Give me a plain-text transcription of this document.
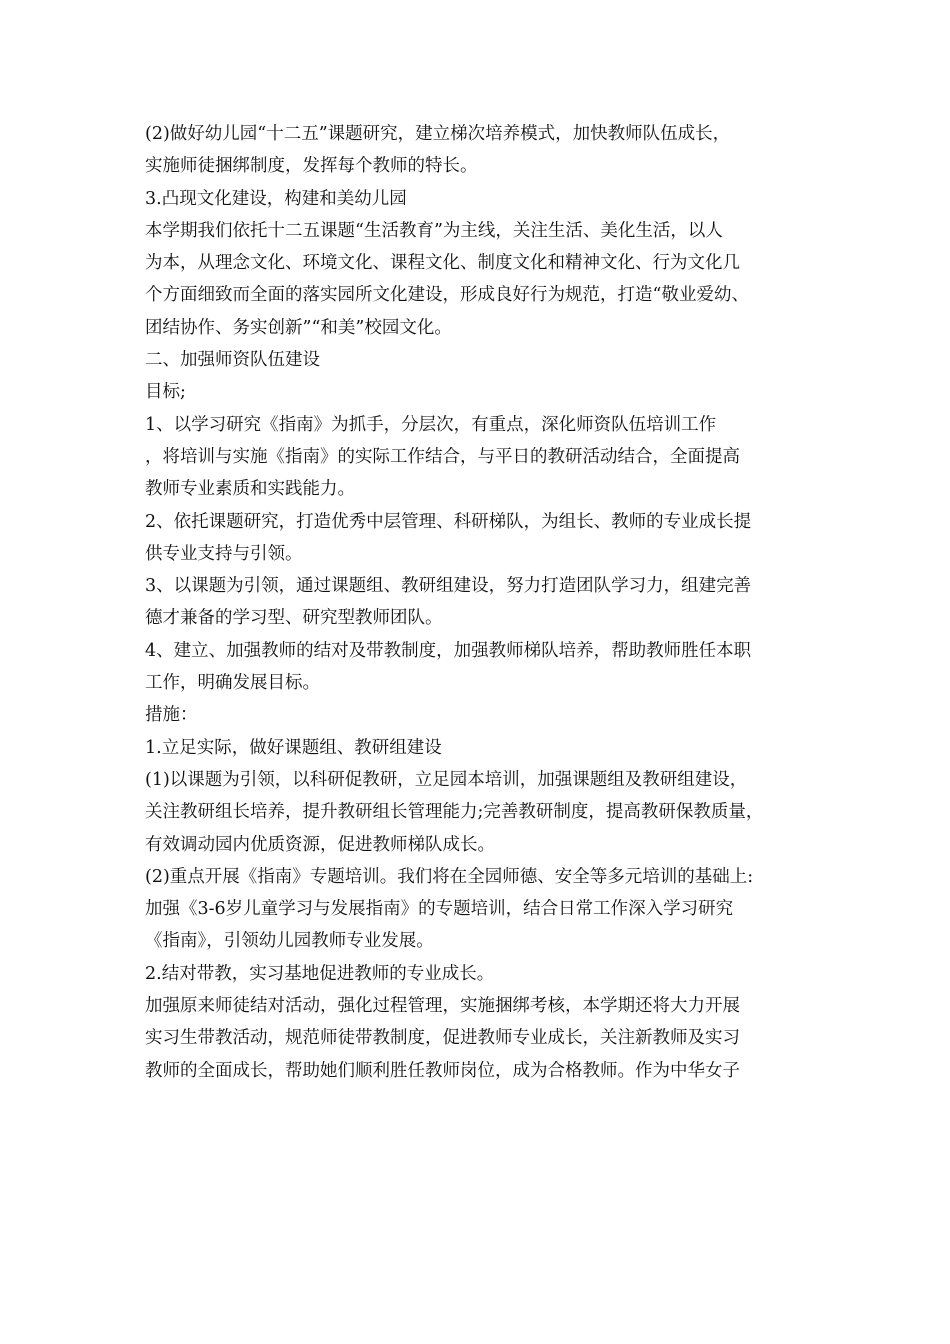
(2)做好幼儿园“十二五”课题研究，建立梯次培养模式，加快教师队伍成长，
实施师徒捆绑制度，发挥每个教师的特长。
3.凸现文化建设，构建和美幼儿园
本学期我们依托十二五课题“生活教育”为主线，关注生活、美化生活，以人
为本，从理念文化、环境文化、课程文化、制度文化和精神文化、行为文化几
个方面细致而全面的落实园所文化建设，形成良好行为规范，打造“敬业爱幼、
团结协作、务实创新”“和美”校园文化。
二、加强师资队伍建设
目标;
1、以学习研究《指南》为抓手，分层次，有重点，深化师资队伍培训工作
，将培训与实施《指南》的实际工作结合，与平日的教研活动结合，全面提高
教师专业素质和实践能力。
2、依托课题研究，打造优秀中层管理、科研梯队，为组长、教师的专业成长提
供专业支持与引领。
3、以课题为引领，通过课题组、教研组建设，努力打造团队学习力，组建完善
德才兼备的学习型、研究型教师团队。
4、建立、加强教师的结对及带教制度，加强教师梯队培养，帮助教师胜任本职
工作，明确发展目标。
措施：
1.立足实际，做好课题组、教研组建设
(1)以课题为引领，以科研促教研，立足园本培训，加强课题组及教研组建设，
关注教研组长培养，提升教研组长管理能力;完善教研制度，提高教研保教质量，
有效调动园内优质资源，促进教师梯队成长。
(2)重点开展《指南》专题培训。我们将在全园师德、安全等多元培训的基础上:
加强《3-6岁儿童学习与发展指南》的专题培训，结合日常工作深入学习研究
《指南》，引领幼儿园教师专业发展。
2.结对带教，实习基地促进教师的专业成长。
加强原来师徒结对活动，强化过程管理，实施捆绑考核，本学期还将大力开展
实习生带教活动，规范师徒带教制度，促进教师专业成长，关注新教师及实习
教师的全面成长，帮助她们顺利胜任教师岗位，成为合格教师。作为中华女子
